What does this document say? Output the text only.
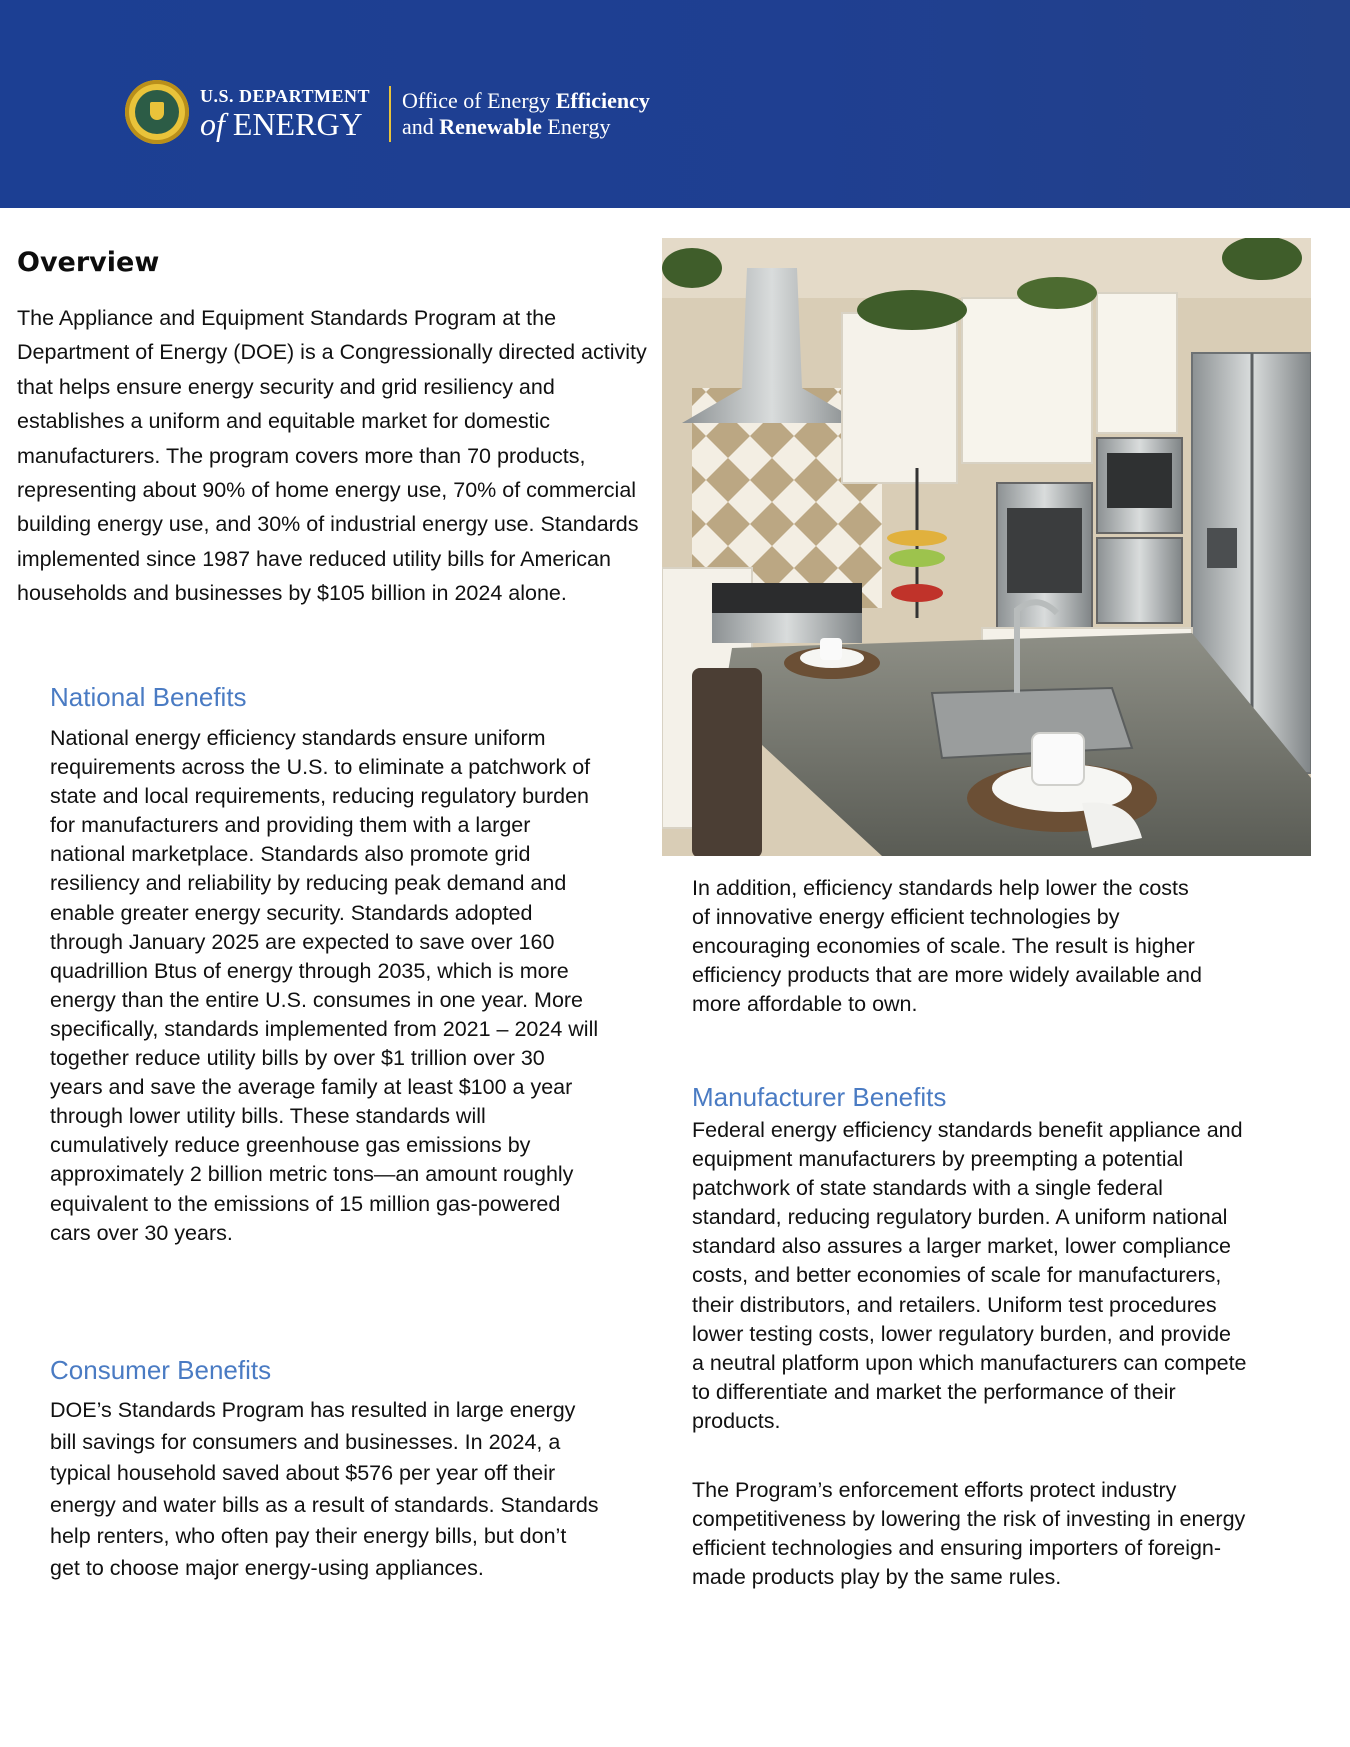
U.S. DEPARTMENT
of ENERGY
Office of Energy Efficiency
and Renewable Energy
Overview

The Appliance and Equipment Standards Program at the Department of Energy (DOE) is a Congressionally directed activity that helps ensure energy security and grid resiliency and establishes a uniform and equitable market for domestic manufacturers. The program covers more than 70 products, representing about 90% of home energy use, 70% of commercial building energy use, and 30% of industrial energy use. Standards implemented since 1987 have reduced utility bills for American households and businesses by $105 billion in 2024 alone.

National Benefits

National energy efficiency standards ensure uniform requirements across the U.S. to eliminate a patchwork of state and local requirements, reducing regulatory burden for manufacturers and providing them with a larger national marketplace. Standards also promote grid resiliency and reliability by reducing peak demand and enable greater energy security. Standards adopted through January 2025 are expected to save over 160 quadrillion Btus of energy through 2035, which is more energy than the entire U.S. consumes in one year. More specifically, standards implemented from 2021 – 2024 will together reduce utility bills by over $1 trillion over 30 years and save the average family at least $100 a year through lower utility bills. These standards will cumulatively reduce greenhouse gas emissions by approximately 2 billion metric tons—an amount roughly equivalent to the emissions of 15 million gas-powered cars over 30 years.

Consumer Benefits

DOE’s Standards Program has resulted in large energy bill savings for consumers and businesses. In 2024, a typical household saved about $576 per year off their energy and water bills as a result of standards. Standards help renters, who often pay their energy bills, but don’t get to choose major energy-using appliances.

In addition, efficiency standards help lower the costs of innovative energy efficient technologies by encouraging economies of scale. The result is higher efficiency products that are more widely available and more affordable to own.

Manufacturer Benefits

Federal energy efficiency standards benefit appliance and equipment manufacturers by preempting a potential patchwork of state standards with a single federal standard, reducing regulatory burden. A uniform national standard also assures a larger market, lower compliance costs, and better economies of scale for manufacturers, their distributors, and retailers. Uniform test procedures lower testing costs, lower regulatory burden, and provide a neutral platform upon which manufacturers can compete to differentiate and market the performance of their products.

The Program’s enforcement efforts protect industry competitiveness by lowering the risk of investing in energy efficient technologies and ensuring importers of foreign-made products play by the same rules.
